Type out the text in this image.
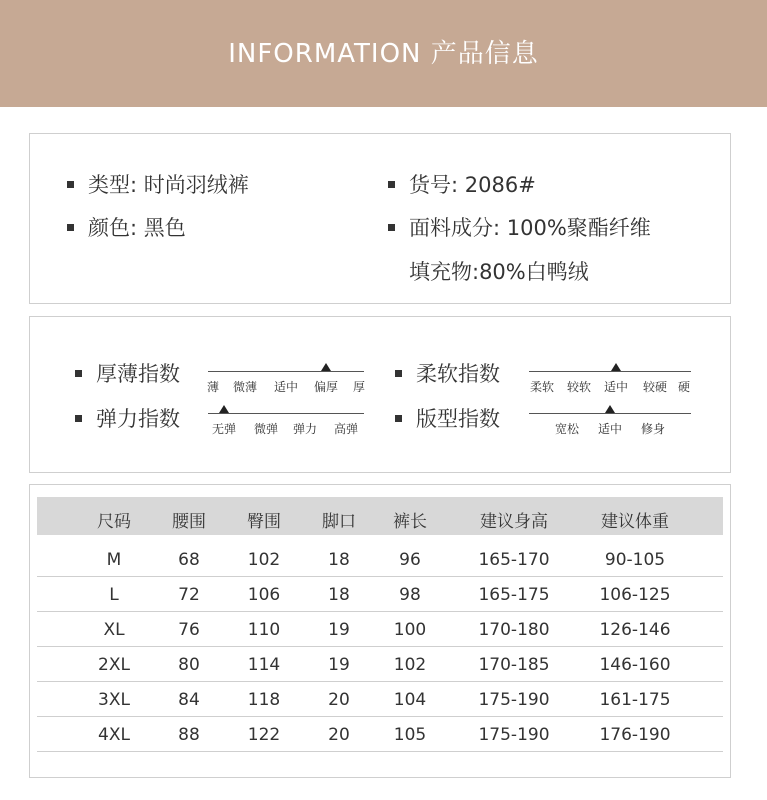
INFORMATION 产品信息
类型: 时尚羽绒裤
颜色: 黑色
货号: 2086#
面料成分: 100%聚酯纤维
填充物:80%白鸭绒
厚薄指数
薄 微薄 适中 偏厚 厚
弹力指数	无弹 微弹 弹力 高弹
柔软指数
柔软 较软 适中 较硬 硬
版型指数	宽松 适中 修身
尺码 腰围 臀围 脚口 裤长	建议身高	建议体重
M	68	102	18	96	165-170	90-105
L	72	106	18	98	165-175	106-125
XL	76	110	19	100	170-180	126-146
2XL	80	114	19	102	170-185	146-160
3XL	84	118	20	104	175-190	161-175
4XL	88	122	20	105	175-190	176-190
